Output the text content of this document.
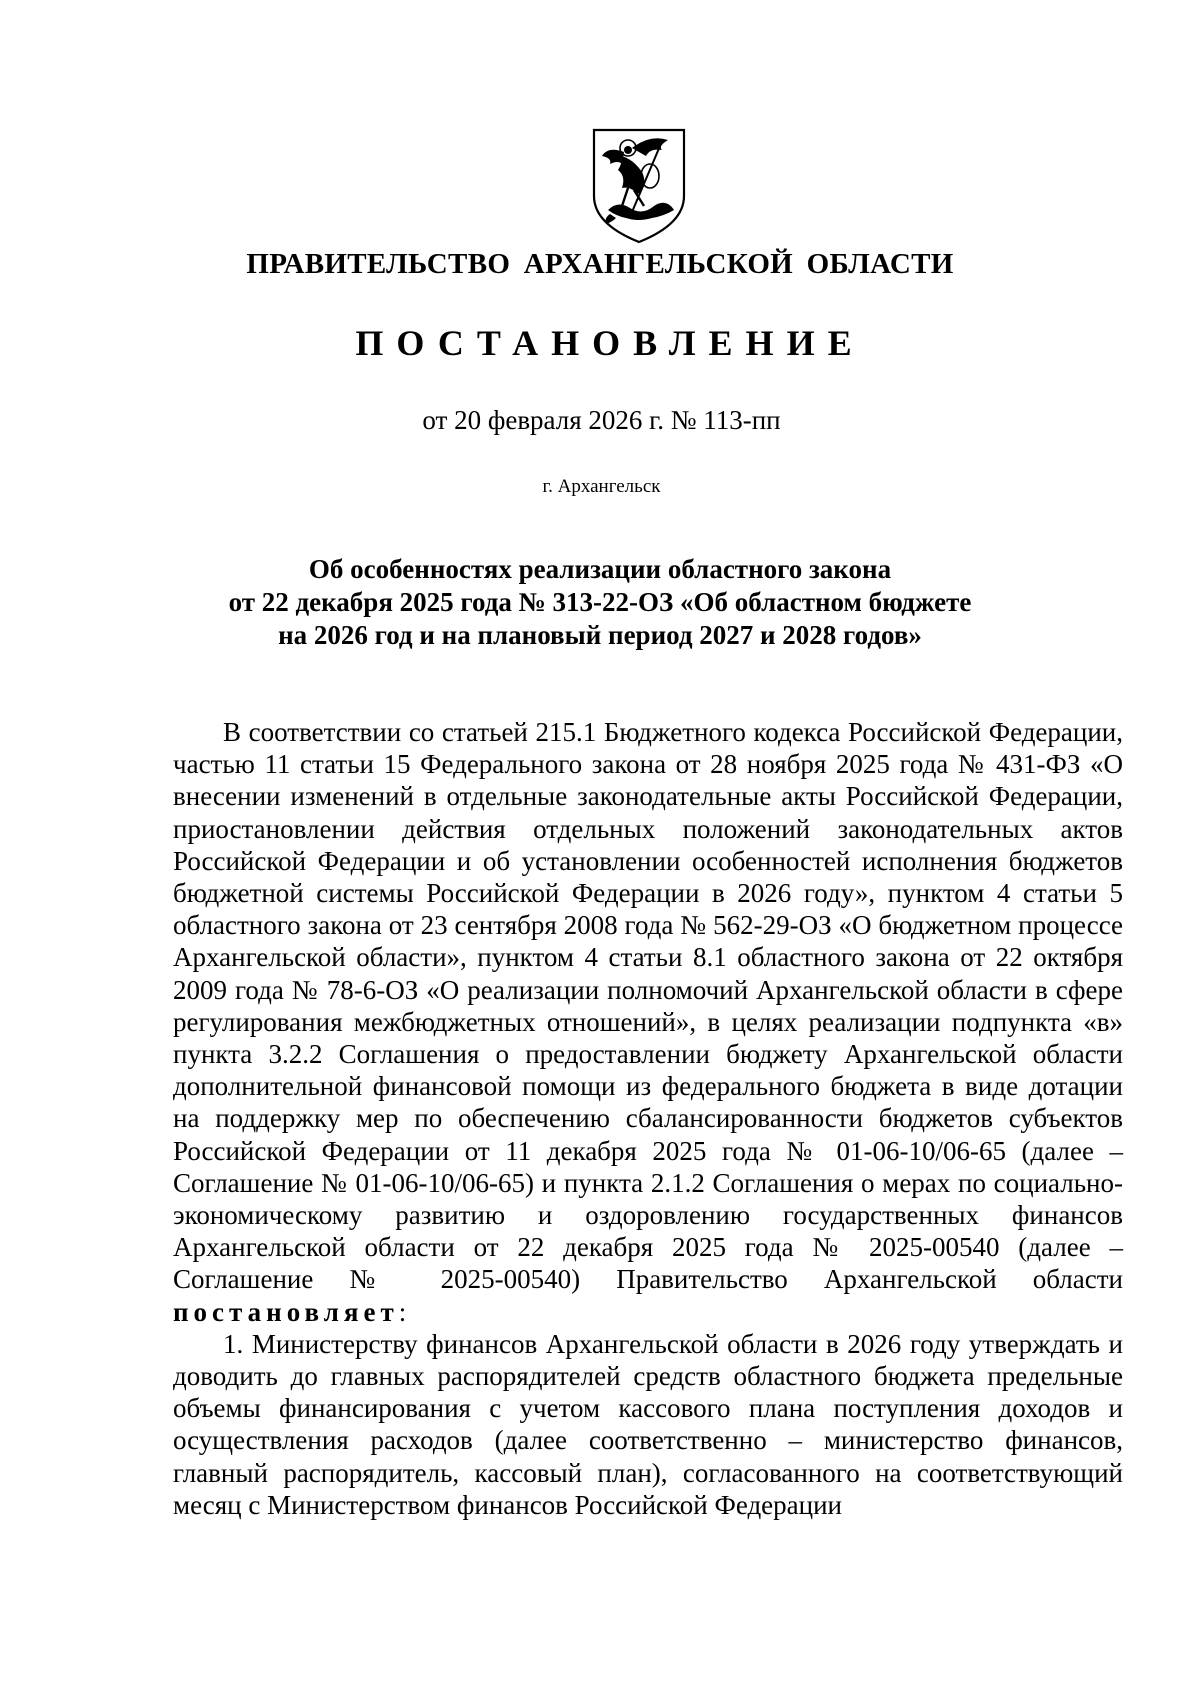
ПРАВИТЕЛЬСТВО АРХАНГЕЛЬСКОЙ ОБЛАСТИ
ПОСТАНОВЛЕНИЕ
от 20 февраля 2026 г. № 113-пп
г. Архангельск
Об особенностях реализации областного закона
от 22 декабря 2025 года № 313-22-ОЗ «Об областном бюджете
на 2026 год и на плановый период 2027 и 2028 годов»

В соответствии со статьей 215.1 Бюджетного кодекса Российской Федерации, частью 11 статьи 15 Федерального закона от 28 ноября 2025 года № 431-ФЗ «О внесении изменений в отдельные законодательные акты Российской Федерации, приостановлении действия отдельных положений законодательных актов Российской Федерации и об установлении особенностей исполнения бюджетов бюджетной системы Российской Федерации в 2026 году», пунктом 4 статьи 5 областного закона от 23 сентября 2008 года № 562-29-ОЗ «О бюджетном процессе Архангельской области», пунктом 4 статьи 8.1 областного закона от 22 октября 2009 года № 78-6-ОЗ «О реализации полномочий Архангельской области в сфере регулирования межбюджетных отношений», в целях реализации подпункта «в» пункта 3.2.2 Соглашения о предоставлении бюджету Архангельской области дополнительной финансовой помощи из федерального бюджета в виде дотации на поддержку мер по обеспечению сбалансированности бюджетов субъектов Российской Федерации от 11 декабря 2025 года № 01-06-10/06-65 (далее – Соглашение № 01-06-10/06-65) и пункта 2.1.2 Соглашения о мерах по социально-экономическому развитию и оздоровлению государственных финансов Архангельской области от 22 декабря 2025 года № 2025-00540 (далее – Соглашение № 2025-00540) Правительство Архангельской области постановляет:

1. Министерству финансов Архангельской области в 2026 году утверждать и доводить до главных распорядителей средств областного бюджета предельные объемы финансирования с учетом кассового плана поступления доходов и осуществления расходов (далее соответственно – министерство финансов, главный распорядитель, кассовый план), согласованного на соответствующий месяц с Министерством финансов Российской Федерации
